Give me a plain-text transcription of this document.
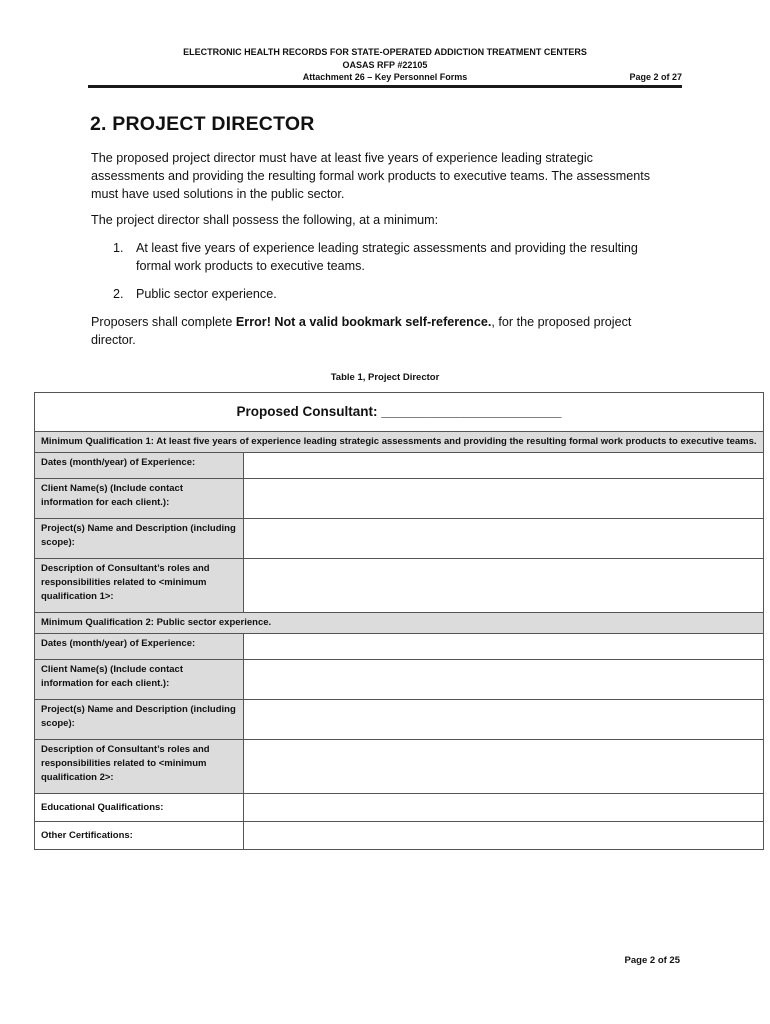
ELECTRONIC HEALTH RECORDS FOR STATE-OPERATED ADDICTION TREATMENT CENTERS
OASAS RFP #22105
Attachment 26 – Key Personnel Forms	Page 2 of 27
2. PROJECT DIRECTOR
The proposed project director must have at least five years of experience leading strategic assessments and providing the resulting formal work products to executive teams. The assessments must have used solutions in the public sector.
The project director shall possess the following, at a minimum:
1. At least five years of experience leading strategic assessments and providing the resulting formal work products to executive teams.
2. Public sector experience.
Proposers shall complete Error! Not a valid bookmark self-reference., for the proposed project director.
Table 1, Project Director
Proposed Consultant: ________________________	
Minimum Qualification 1: At least five years of experience leading strategic assessments and providing the resulting formal work products to executive teams.	
Dates (month/year) of Experience:	
Client Name(s) (Include contact information for each client.):	
Project(s) Name and Description (including scope):	
Description of Consultant’s roles and responsibilities related to <minimum qualification 1>:	
Minimum Qualification 2: Public sector experience.	
Dates (month/year) of Experience:	
Client Name(s) (Include contact information for each client.):	
Project(s) Name and Description (including scope):	
Description of Consultant’s roles and responsibilities related to <minimum qualification 2>:	
Educational Qualifications:	
Other Certifications:	
Page 2 of 25
